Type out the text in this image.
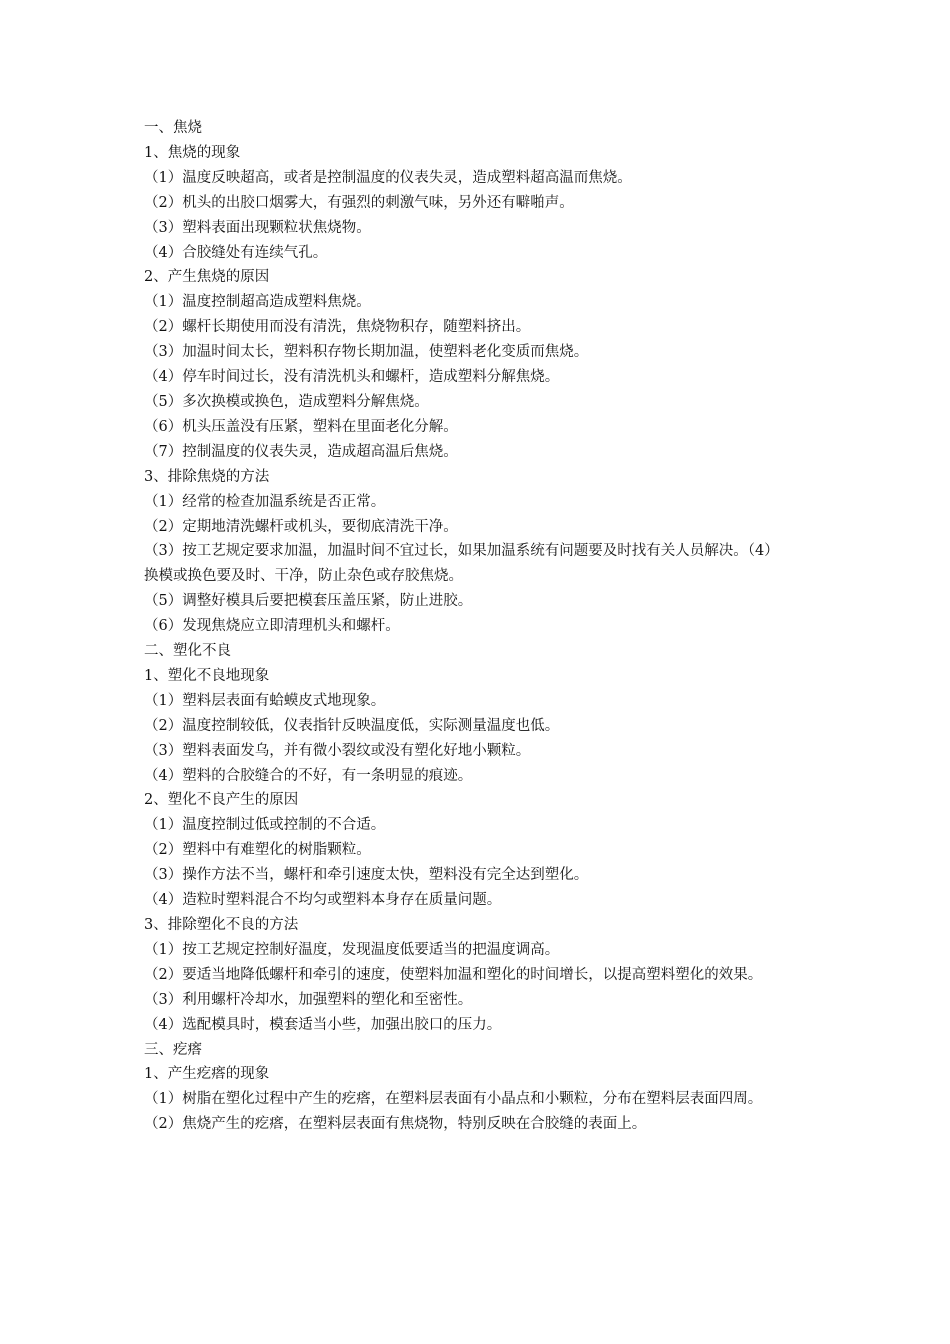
一、焦烧

1、焦烧的现象

（1）温度反映超高，或者是控制温度的仪表失灵，造成塑料超高温而焦烧。

（2）机头的出胶口烟雾大，有强烈的刺激气味，另外还有噼啪声。

（3）塑料表面出现颗粒状焦烧物。

（4）合胶缝处有连续气孔。

2、产生焦烧的原因

（1）温度控制超高造成塑料焦烧。

（2）螺杆长期使用而没有清洗，焦烧物积存，随塑料挤出。

（3）加温时间太长，塑料积存物长期加温，使塑料老化变质而焦烧。

（4）停车时间过长，没有清洗机头和螺杆，造成塑料分解焦烧。

（5）多次换模或换色，造成塑料分解焦烧。

（6）机头压盖没有压紧，塑料在里面老化分解。

（7）控制温度的仪表失灵，造成超高温后焦烧。

3、排除焦烧的方法

（1）经常的检查加温系统是否正常。

（2）定期地清洗螺杆或机头，要彻底清洗干净。

（3）按工艺规定要求加温，加温时间不宜过长，如果加温系统有问题要及时找有关人员解决。（4）

换模或换色要及时、干净，防止杂色或存胶焦烧。

（5）调整好模具后要把模套压盖压紧，防止进胶。

（6）发现焦烧应立即清理机头和螺杆。

二、塑化不良

1、塑化不良地现象

（1）塑料层表面有蛤蟆皮式地现象。

（2）温度控制较低，仪表指针反映温度低，实际测量温度也低。

（3）塑料表面发乌，并有微小裂纹或没有塑化好地小颗粒。

（4）塑料的合胶缝合的不好，有一条明显的痕迹。

2、塑化不良产生的原因

（1）温度控制过低或控制的不合适。

（2）塑料中有难塑化的树脂颗粒。

（3）操作方法不当，螺杆和牵引速度太快，塑料没有完全达到塑化。

（4）造粒时塑料混合不均匀或塑料本身存在质量问题。

3、排除塑化不良的方法

（1）按工艺规定控制好温度，发现温度低要适当的把温度调高。

（2）要适当地降低螺杆和牵引的速度，使塑料加温和塑化的时间增长，以提高塑料塑化的效果。

（3）利用螺杆冷却水，加强塑料的塑化和至密性。

（4）选配模具时，模套适当小些，加强出胶口的压力。

三、疙瘩

1、产生疙瘩的现象

（1）树脂在塑化过程中产生的疙瘩，在塑料层表面有小晶点和小颗粒，分布在塑料层表面四周。

（2）焦烧产生的疙瘩，在塑料层表面有焦烧物，特别反映在合胶缝的表面上。
